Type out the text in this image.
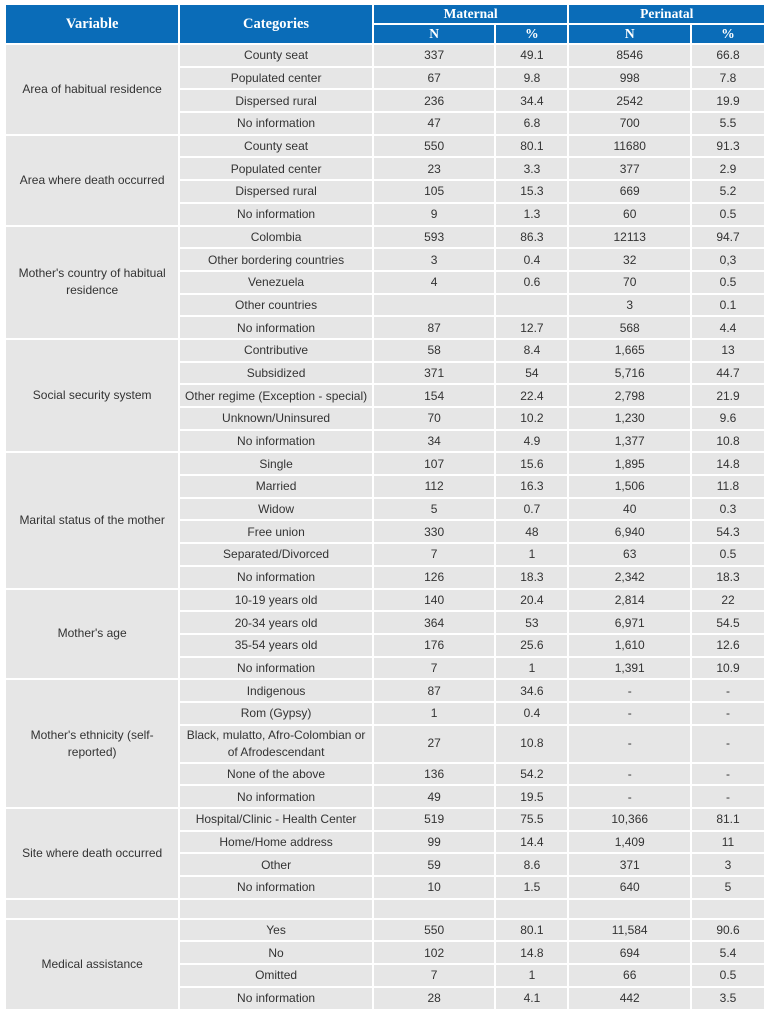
Variable	Categories	Maternal		Perinatal	
		N	%	N	%
Area of habitual residence	County seat	337	49.1	8546	66.8
	Populated center	67	9.8	998	7.8
	Dispersed rural	236	34.4	2542	19.9
	No information	47	6.8	700	5.5
Area where death occurred	County seat	550	80.1	11680	91.3
	Populated center	23	3.3	377	2.9
	Dispersed rural	105	15.3	669	5.2
	No information	9	1.3	60	0.5
Mother's country of habitual residence	Colombia	593	86.3	12113	94.7
	Other bordering countries	3	0.4	32	0,3
	Venezuela	4	0.6	70	0.5
	Other countries			3	0.1
	No information	87	12.7	568	4.4
Social security system	Contributive	58	8.4	1,665	13
	Subsidized	371	54	5,716	44.7
	Other regime (Exception - special)	154	22.4	2,798	21.9
	Unknown/Uninsured	70	10.2	1,230	9.6
	No information	34	4.9	1,377	10.8
Marital status of the mother	Single	107	15.6	1,895	14.8
	Married	112	16.3	1,506	11.8
	Widow	5	0.7	40	0.3
	Free union	330	48	6,940	54.3
	Separated/Divorced	7	1	63	0.5
	No information	126	18.3	2,342	18.3
Mother's age	10-19 years old	140	20.4	2,814	22
	20-34 years old	364	53	6,971	54.5
	35-54 years old	176	25.6	1,610	12.6
	No information	7	1	1,391	10.9
Mother's ethnicity (self-reported)	Indigenous	87	34.6	-	-
	Rom (Gypsy)	1	0.4	-	-
	Black, mulatto, Afro-Colombian or of Afrodescendant	27	10.8	-	-
	None of the above	136	54.2	-	-
	No information	49	19.5	-	-
Site where death occurred	Hospital/Clinic - Health Center	519	75.5	10,366	81.1
	Home/Home address	99	14.4	1,409	11
	Other	59	8.6	371	3
	No information	10	1.5	640	5

Medical assistance	Yes	550	80.1	11,584	90.6
	No	102	14.8	694	5.4
	Omitted	7	1	66	0.5
	No information	28	4.1	442	3.5
